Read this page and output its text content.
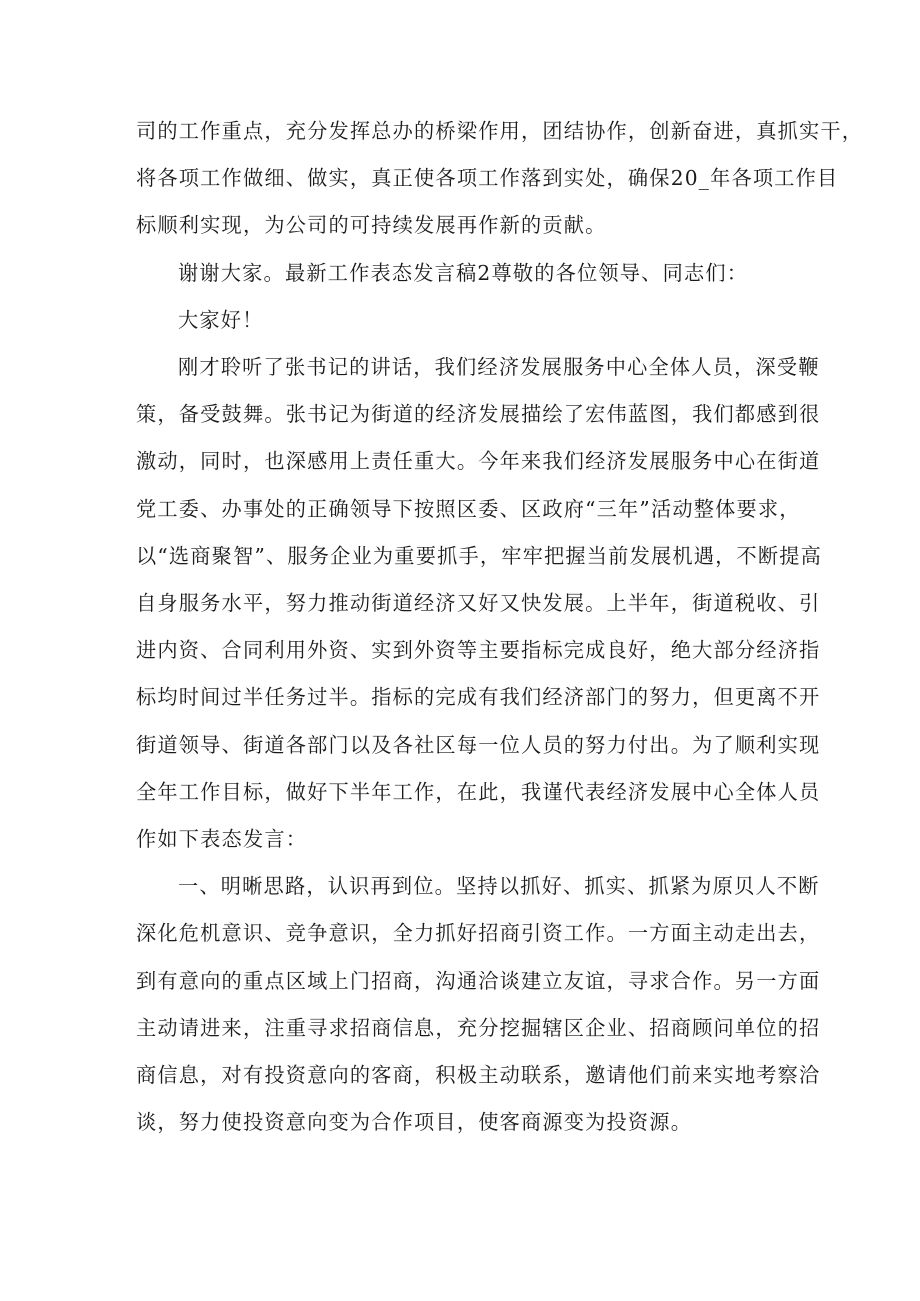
司的工作重点，充分发挥总办的桥梁作用，团结协作，创新奋进，真抓实干，
将各项工作做细、做实，真正使各项工作落到实处，确保20_年各项工作目
标顺利实现，为公司的可持续发展再作新的贡献。

谢谢大家。最新工作表态发言稿2尊敬的各位领导、同志们：

大家好！

刚才聆听了张书记的讲话，我们经济发展服务中心全体人员，深受鞭
策，备受鼓舞。张书记为街道的经济发展描绘了宏伟蓝图，我们都感到很
激动，同时，也深感用上责任重大。今年来我们经济发展服务中心在街道
党工委、办事处的正确领导下按照区委、区政府“三年”活动整体要求，
以“选商聚智”、服务企业为重要抓手，牢牢把握当前发展机遇，不断提高
自身服务水平，努力推动街道经济又好又快发展。上半年，街道税收、引
进内资、合同利用外资、实到外资等主要指标完成良好，绝大部分经济指
标均时间过半任务过半。指标的完成有我们经济部门的努力，但更离不开
街道领导、街道各部门以及各社区每一位人员的努力付出。为了顺利实现
全年工作目标，做好下半年工作，在此，我谨代表经济发展中心全体人员
作如下表态发言：

一、明晰思路，认识再到位。坚持以抓好、抓实、抓紧为原贝人不断
深化危机意识、竞争意识，全力抓好招商引资工作。一方面主动走出去，
到有意向的重点区域上门招商，沟通洽谈建立友谊，寻求合作。另一方面
主动请进来，注重寻求招商信息，充分挖掘辖区企业、招商顾问单位的招
商信息，对有投资意向的客商，积极主动联系，邀请他们前来实地考察洽
谈，努力使投资意向变为合作项目，使客商源变为投资源。
